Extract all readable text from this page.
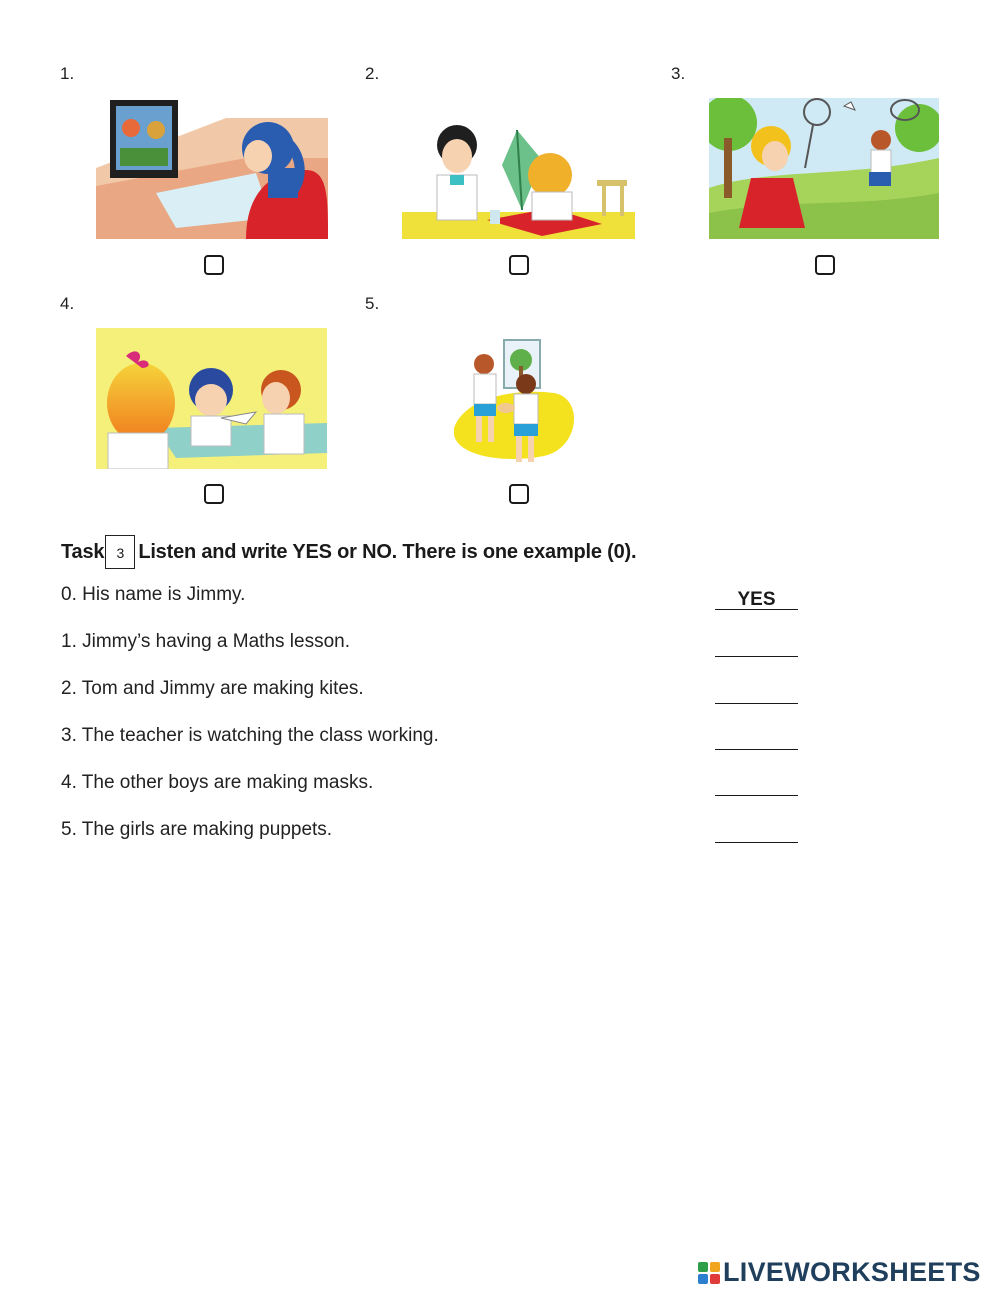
1.	2.	3.
4.	5.
Task 3 Listen and write YES or NO. There is one example (0).
0. His name is Jimmy.	YES
1. Jimmy’s having a Maths lesson.
2. Tom and Jimmy are making kites.
3. The teacher is watching the class working.
4. The other boys are making masks.
5. The girls are making puppets.
LIVEWORKSHEETS
